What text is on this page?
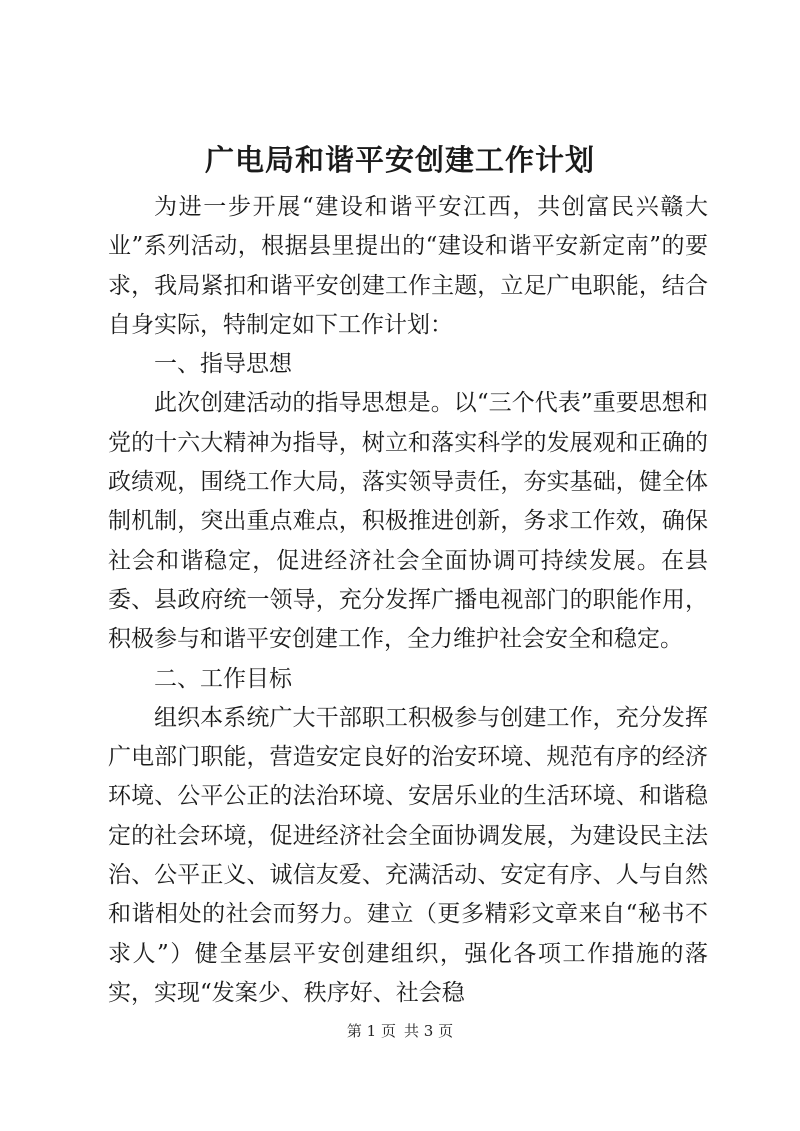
广电局和谐平安创建工作计划

为进一步开展“建设和谐平安江西，共创富民兴赣大业”系列活动，根据县里提出的“建设和谐平安新定南”的要求，我局紧扣和谐平安创建工作主题，立足广电职能，结合自身实际，特制定如下工作计划：

一、指导思想

此次创建活动的指导思想是。以“三个代表”重要思想和党的十六大精神为指导，树立和落实科学的发展观和正确的政绩观，围绕工作大局，落实领导责任，夯实基础，健全体制机制，突出重点难点，积极推进创新，务求工作效，确保社会和谐稳定，促进经济社会全面协调可持续发展。在县委、县政府统一领导，充分发挥广播电视部门的职能作用，积极参与和谐平安创建工作，全力维护社会安全和稳定。

二、工作目标

组织本系统广大干部职工积极参与创建工作，充分发挥广电部门职能，营造安定良好的治安环境、规范有序的经济环境、公平公正的法治环境、安居乐业的生活环境、和谐稳定的社会环境，促进经济社会全面协调发展，为建设民主法治、公平正义、诚信友爱、充满活动、安定有序、人与自然和谐相处的社会而努力。建立（更多精彩文章来自“秘书不求人”）健全基层平安创建组织，强化各项工作措施的落实，实现“发案少、秩序好、社会稳

第 1 页 共 3 页
